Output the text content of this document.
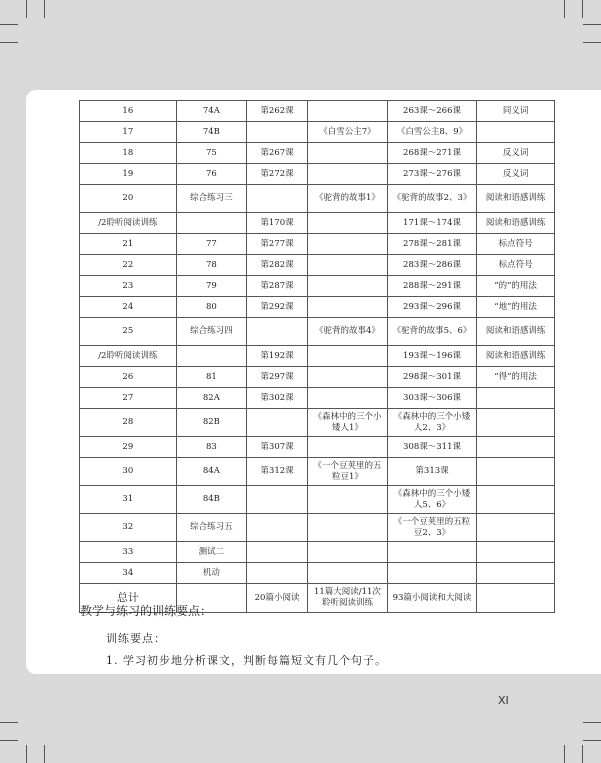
16	74A	第262课		263课～266课	同义词
17	74B		《白雪公主7》	《白雪公主8、9》	
18	75	第267课		268课～271课	反义词
19	76	第272课		273课～276课	反义词
20	综合练习三		《驼背的故事1》	《驼背的故事2、3》	阅读和语感训练
/2聆听阅读训练		第170课		171课～174课	阅读和语感训练
21	77	第277课		278课～281课	标点符号
22	78	第282课		283课～286课	标点符号
23	79	第287课		288课～291课	“的”的用法
24	80	第292课		293课～296课	“地”的用法
25	综合练习四		《驼背的故事4》	《驼背的故事5、6》	阅读和语感训练
/2聆听阅读训练		第192课		193课～196课	阅读和语感训练
26	81	第297课		298课～301课	“得”的用法
27	82A	第302课		303课～306课	
28	82B		《森林中的三个小矮人1》	《森林中的三个小矮人2、3》	
29	83	第307课		308课～311课	
30	84A	第312课	《一个豆荚里的五粒豆1》	第313课	
31	84B			《森林中的三个小矮人5、6》	
32	综合练习五			《一个豆荚里的五粒豆2、3》	
33	测试二				
34	机动				
总计		20篇小阅读	11篇大阅读/11次聆听阅读训练	93篇小阅读和大阅读	
教学与练习的训练要点：
训练要点：
1. 学习初步地分析课文，判断每篇短文有几个句子。
XI
